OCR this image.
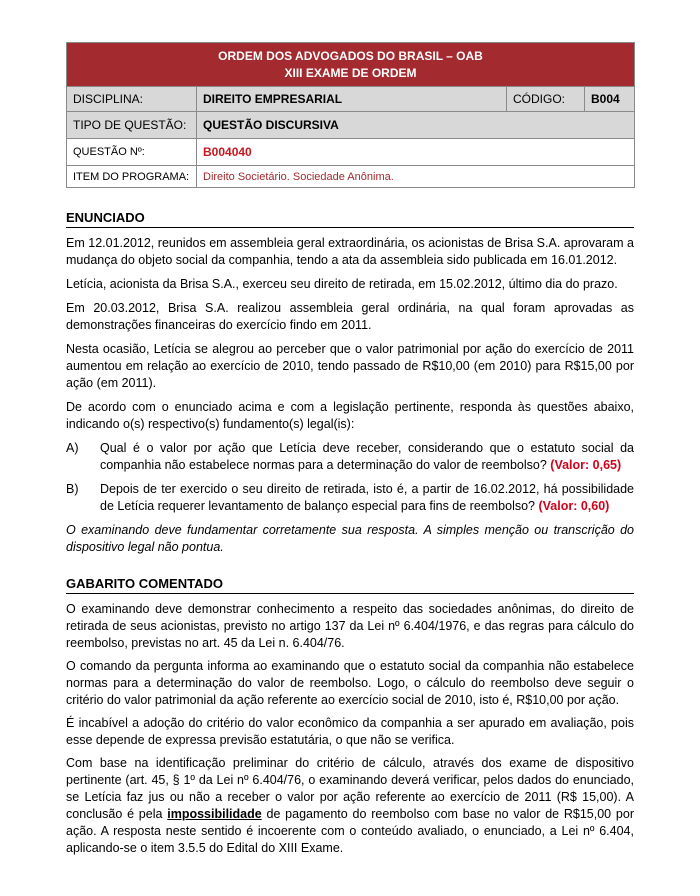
ORDEM DOS ADVOGADOS DO BRASIL – OAB
XIII EXAME DE ORDEM			

DISCIPLINA:	DIREITO EMPRESARIAL	CÓDIGO:	B004
TIPO DE QUESTÃO:	QUESTÃO DISCURSIVA		
QUESTÃO Nº:	B004040		
ITEM DO PROGRAMA:	Direito Societário. Sociedade Anônima.		
ENUNCIADO

Em 12.01.2012, reunidos em assembleia geral extraordinária, os acionistas de Brisa S.A. aprovaram a mudança do objeto social da companhia, tendo a ata da assembleia sido publicada em 16.01.2012.

Letícia, acionista da Brisa S.A., exerceu seu direito de retirada, em 15.02.2012, último dia do prazo.

Em 20.03.2012, Brisa S.A. realizou assembleia geral ordinária, na qual foram aprovadas as demonstrações financeiras do exercício findo em 2011.

Nesta ocasião, Letícia se alegrou ao perceber que o valor patrimonial por ação do exercício de 2011 aumentou em relação ao exercício de 2010, tendo passado de R$10,00 (em 2010) para R$15,00 por ação (em 2011).

De acordo com o enunciado acima e com a legislação pertinente, responda às questões abaixo, indicando o(s) respectivo(s) fundamento(s) legal(is):

A)	Qual é o valor por ação que Letícia deve receber, considerando que o estatuto social da companhia não estabelece normas para a determinação do valor de reembolso? (Valor: 0,65)
B)	Depois de ter exercido o seu direito de retirada, isto é, a partir de 16.02.2012, há possibilidade de Letícia requerer levantamento de balanço especial para fins de reembolso? (Valor: 0,60)

O examinando deve fundamentar corretamente sua resposta. A simples menção ou transcrição do dispositivo legal não pontua.

GABARITO COMENTADO

O examinando deve demonstrar conhecimento a respeito das sociedades anônimas, do direito de retirada de seus acionistas, previsto no artigo 137 da Lei nº 6.404/1976, e das regras para cálculo do reembolso, previstas no art. 45 da Lei n. 6.404/76.

O comando da pergunta informa ao examinando que o estatuto social da companhia não estabelece normas para a determinação do valor de reembolso. Logo, o cálculo do reembolso deve seguir o critério do valor patrimonial da ação referente ao exercício social de 2010, isto é, R$10,00 por ação.

É incabível a adoção do critério do valor econômico da companhia a ser apurado em avaliação, pois esse depende de expressa previsão estatutária, o que não se verifica.

Com base na identificação preliminar do critério de cálculo, através dos exame de dispositivo pertinente (art. 45, § 1º da Lei nº 6.404/76, o examinando deverá verificar, pelos dados do enunciado, se Letícia faz jus ou não a receber o valor por ação referente ao exercício de 2011 (R$ 15,00). A conclusão é pela impossibilidade de pagamento do reembolso com base no valor de R$15,00 por ação. A resposta neste sentido é incoerente com o conteúdo avaliado, o enunciado, a Lei nº 6.404, aplicando-se o item 3.5.5 do Edital do XIII Exame.
